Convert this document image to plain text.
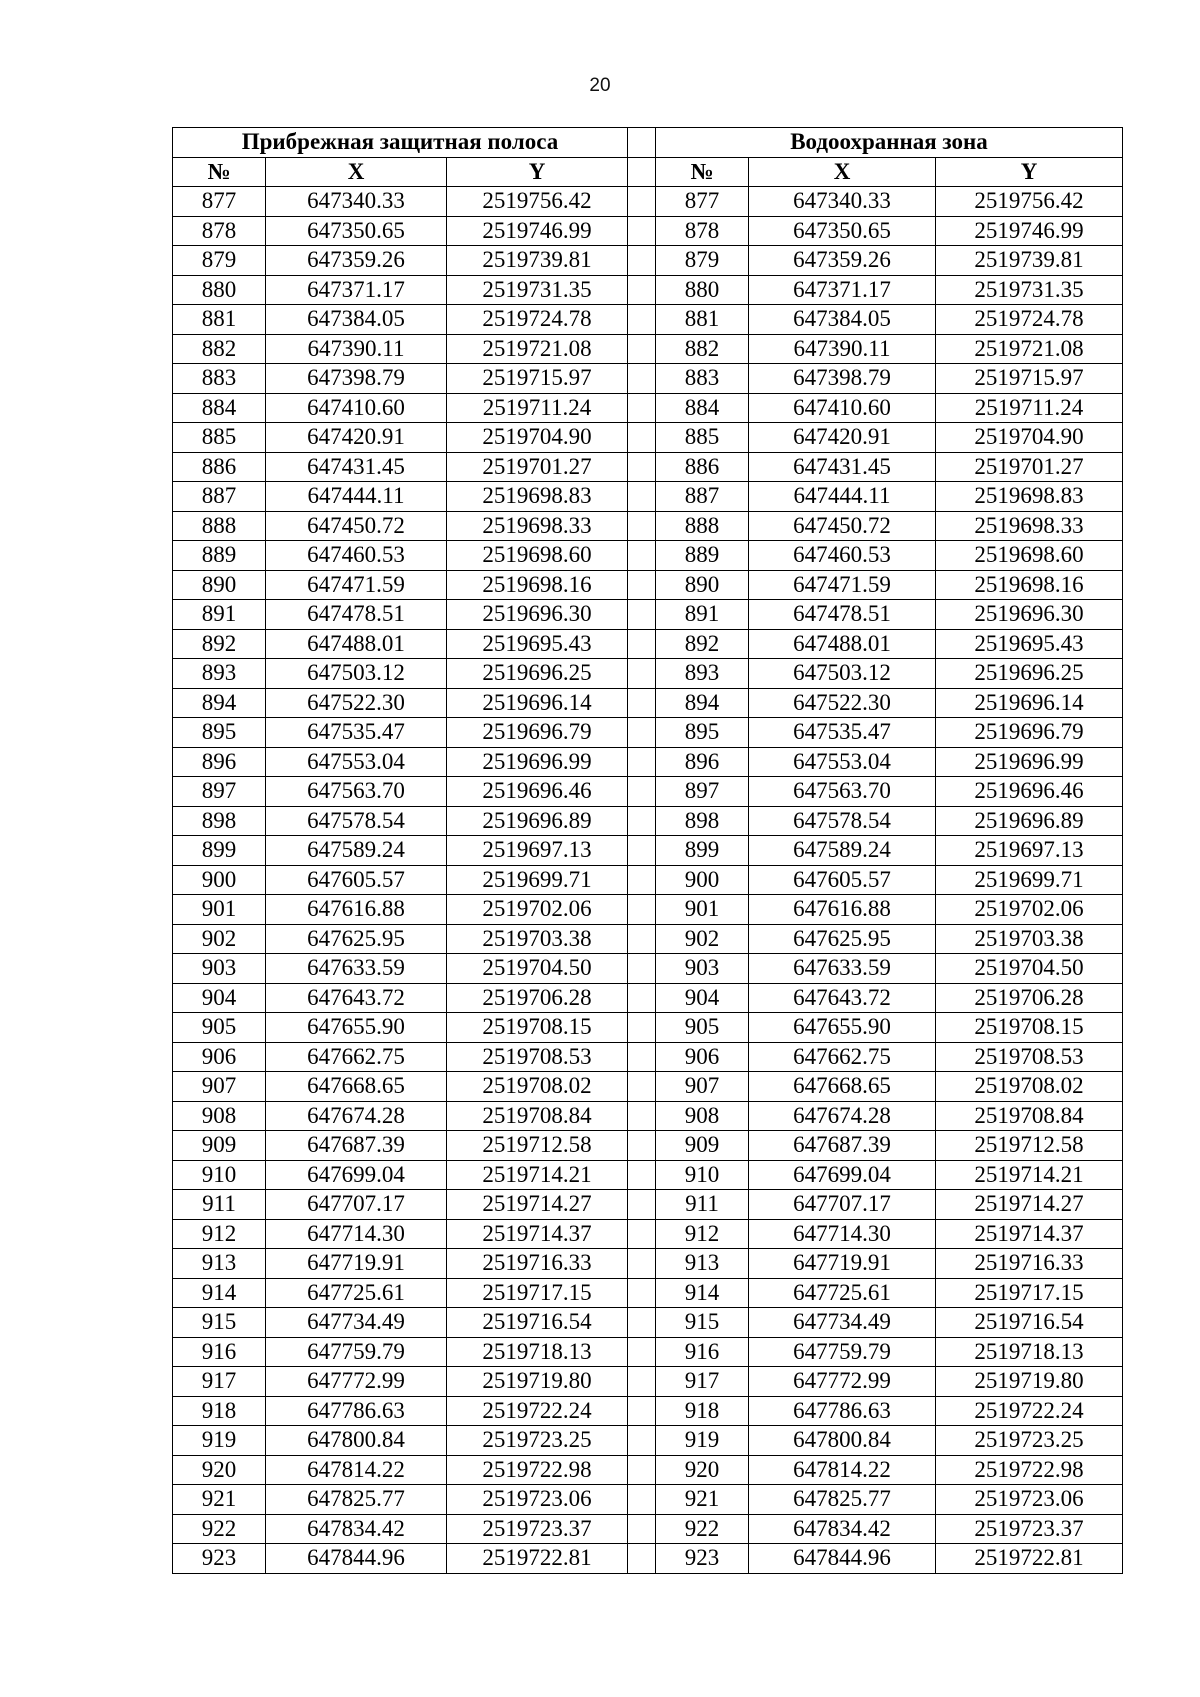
20
Прибрежная защитная полоса				Водоохранная зона		
№	X	Y		№	X	Y
877	647340.33	2519756.42		877	647340.33	2519756.42
878	647350.65	2519746.99		878	647350.65	2519746.99
879	647359.26	2519739.81		879	647359.26	2519739.81
880	647371.17	2519731.35		880	647371.17	2519731.35
881	647384.05	2519724.78		881	647384.05	2519724.78
882	647390.11	2519721.08		882	647390.11	2519721.08
883	647398.79	2519715.97		883	647398.79	2519715.97
884	647410.60	2519711.24		884	647410.60	2519711.24
885	647420.91	2519704.90		885	647420.91	2519704.90
886	647431.45	2519701.27		886	647431.45	2519701.27
887	647444.11	2519698.83		887	647444.11	2519698.83
888	647450.72	2519698.33		888	647450.72	2519698.33
889	647460.53	2519698.60		889	647460.53	2519698.60
890	647471.59	2519698.16		890	647471.59	2519698.16
891	647478.51	2519696.30		891	647478.51	2519696.30
892	647488.01	2519695.43		892	647488.01	2519695.43
893	647503.12	2519696.25		893	647503.12	2519696.25
894	647522.30	2519696.14		894	647522.30	2519696.14
895	647535.47	2519696.79		895	647535.47	2519696.79
896	647553.04	2519696.99		896	647553.04	2519696.99
897	647563.70	2519696.46		897	647563.70	2519696.46
898	647578.54	2519696.89		898	647578.54	2519696.89
899	647589.24	2519697.13		899	647589.24	2519697.13
900	647605.57	2519699.71		900	647605.57	2519699.71
901	647616.88	2519702.06		901	647616.88	2519702.06
902	647625.95	2519703.38		902	647625.95	2519703.38
903	647633.59	2519704.50		903	647633.59	2519704.50
904	647643.72	2519706.28		904	647643.72	2519706.28
905	647655.90	2519708.15		905	647655.90	2519708.15
906	647662.75	2519708.53		906	647662.75	2519708.53
907	647668.65	2519708.02		907	647668.65	2519708.02
908	647674.28	2519708.84		908	647674.28	2519708.84
909	647687.39	2519712.58		909	647687.39	2519712.58
910	647699.04	2519714.21		910	647699.04	2519714.21
911	647707.17	2519714.27		911	647707.17	2519714.27
912	647714.30	2519714.37		912	647714.30	2519714.37
913	647719.91	2519716.33		913	647719.91	2519716.33
914	647725.61	2519717.15		914	647725.61	2519717.15
915	647734.49	2519716.54		915	647734.49	2519716.54
916	647759.79	2519718.13		916	647759.79	2519718.13
917	647772.99	2519719.80		917	647772.99	2519719.80
918	647786.63	2519722.24		918	647786.63	2519722.24
919	647800.84	2519723.25		919	647800.84	2519723.25
920	647814.22	2519722.98		920	647814.22	2519722.98
921	647825.77	2519723.06		921	647825.77	2519723.06
922	647834.42	2519723.37		922	647834.42	2519723.37
923	647844.96	2519722.81		923	647844.96	2519722.81
